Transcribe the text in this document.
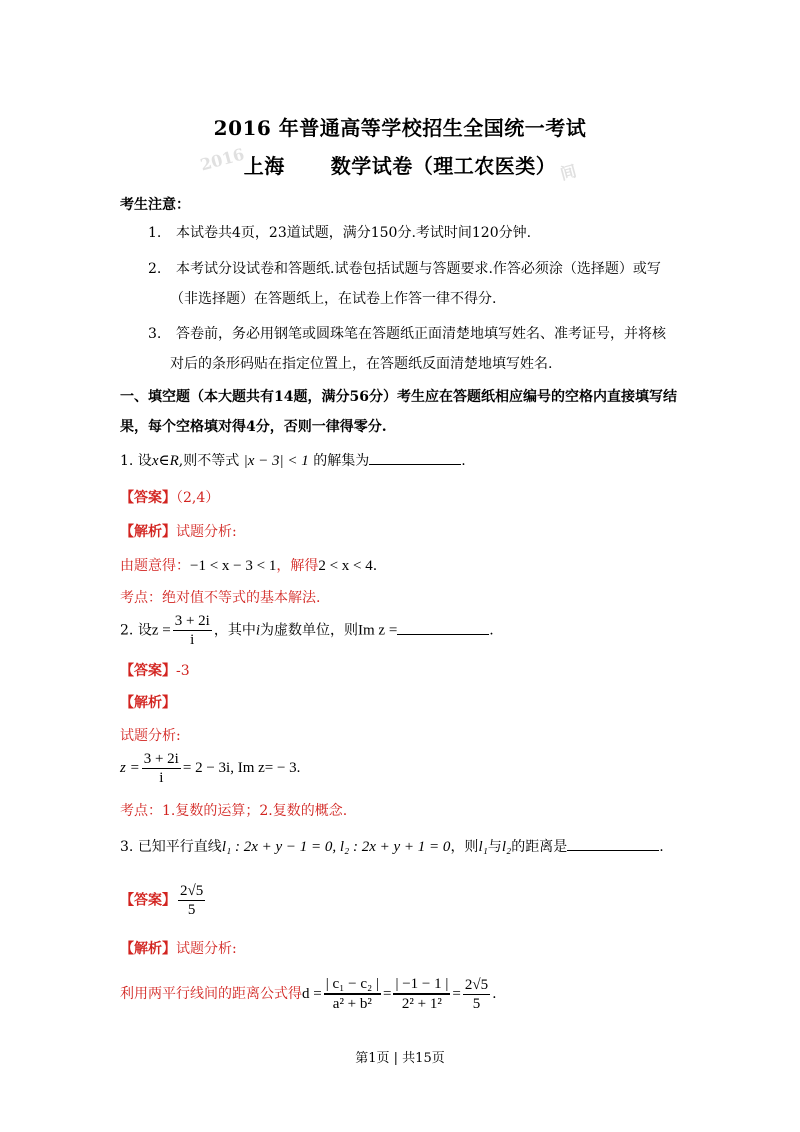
2016	间
2016 年普通高等学校招生全国统一考试
上海 数学试卷（理工农医类）
考生注意：
1. 本试卷共4页，23道试题，满分150分.考试时间120分钟.
2. 本考试分设试卷和答题纸.试卷包括试题与答题要求.作答必须涂（选择题）或写
（非选择题）在答题纸上，在试卷上作答一律不得分.
3. 答卷前，务必用钢笔或圆珠笔在答题纸正面清楚地填写姓名、准考证号，并将核
对后的条形码贴在指定位置上，在答题纸反面清楚地填写姓名.
一、填空题（本大题共有14题，满分56分）考生应在答题纸相应编号的空格内直接填写结
果，每个空格填对得4分，否则一律得零分.
1. 设x∈R,则不等式 |x − 3| < 1 的解集为	.
【答案】（2,4）
【解析】试题分析:
由题意得：−1 < x − 3 < 1，解得2 < x < 4.
考点：绝对值不等式的基本解法.
2. 设$z = \frac{3 + 2i}{i}$ ，其中i为虚数单位，则Im z =	.
【答案】-3
【解析】
试题分析:
$z = \frac{3 + 2i}{i} = 2 - 3i$, Im z= − 3.
考点：1.复数的运算；2.复数的概念.
3. 已知平行直线l₁ : 2x + y − 1 = 0, l₂ : 2x + y + 1 = 0，则l₁与l₂的距离是	.
【答案】 $\frac{2√5}{5}$
【解析】试题分析:
利用两平行线间的距离公式得$d = \frac{\text{| c₁ − c₂ |}}{\text{a² + b²}} = \frac{| -1 - 1 |}{\text{2² + 1²}} = \frac{2√5}{5}$ .
第1页 | 共15页
